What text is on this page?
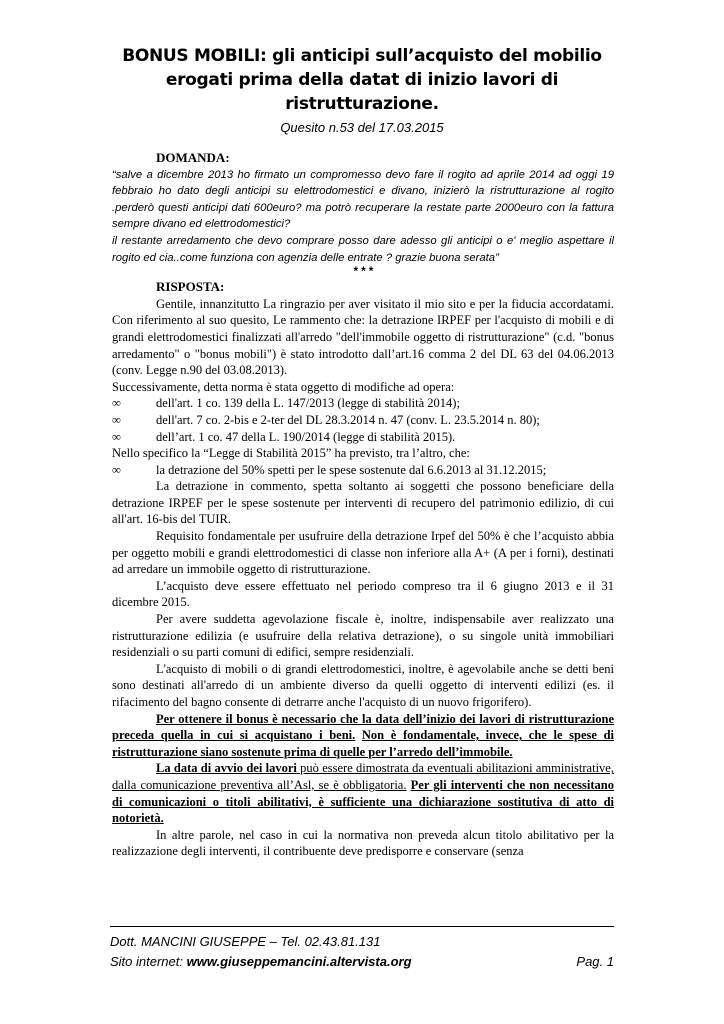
BONUS MOBILI: gli anticipi sull’acquisto del mobilio erogati prima della datat di inizio lavori di ristrutturazione.
Quesito n.53 del 17.03.2015

DOMANDA:

“salve a dicembre 2013 ho firmato un compromesso devo fare il rogito ad aprile 2014 ad oggi 19 febbraio ho dato degli anticipi su elettrodomestici e divano, inizierò la ristrutturazione al rogito .perderò questi anticipi dati 600euro? ma potrò recuperare la restate parte 2000euro con la fattura sempre divano ed elettrodomestici?

il restante arredamento che devo comprare posso dare adesso gli anticipi o e' meglio aspettare il rogito ed cia..come funziona con agenzia delle entrate ? grazie buona serata”

* * *

RISPOSTA:

Gentile, innanzitutto La ringrazio per aver visitato il mio sito e per la fiducia accordatami. Con riferimento al suo quesito, Le rammento che: la detrazione IRPEF per l'acquisto di mobili e di grandi elettrodomestici finalizzati all'arredo "dell'immobile oggetto di ristrutturazione" (c.d. "bonus arredamento" o "bonus mobili") è stato introdotto dall’art.16 comma 2 del DL 63 del 04.06.2013 (conv. Legge n.90 del 03.08.2013).

Successivamente, detta norma è stata oggetto di modifiche ad opera:

∞	dell'art. 1 co. 139 della L. 147/2013 (legge di stabilità 2014);
∞	dell'art. 7 co. 2-bis e 2-ter del DL 28.3.2014 n. 47 (conv. L. 23.5.2014 n. 80);
∞	dell’art. 1 co. 47 della L. 190/2014 (legge di stabilità 2015).

Nello specifico la “Legge di Stabilità 2015” ha previsto, tra l’altro, che:

∞	la detrazione del 50% spetti per le spese sostenute dal 6.6.2013 al 31.12.2015;

La detrazione in commento, spetta soltanto ai soggetti che possono beneficiare della detrazione IRPEF per le spese sostenute per interventi di recupero del patrimonio edilizio, di cui all'art. 16-bis del TUIR.

Requisito fondamentale per usufruire della detrazione Irpef del 50% è che l’acquisto abbia per oggetto mobili e grandi elettrodomestici di classe non inferiore alla A+ (A per i forni), destinati ad arredare un immobile oggetto di ristrutturazione.

L’acquisto deve essere effettuato nel periodo compreso tra il 6 giugno 2013 e il 31 dicembre 2015.

Per avere suddetta agevolazione fiscale è, inoltre, indispensabile aver realizzato una ristrutturazione edilizia (e usufruire della relativa detrazione), o su singole unità immobiliari residenziali o su parti comuni di edifici, sempre residenziali.

L'acquisto di mobili o di grandi elettrodomestici, inoltre, è agevolabile anche se detti beni sono destinati all'arredo di un ambiente diverso da quelli oggetto di interventi edilizi (es. il rifacimento del bagno consente di detrarre anche l'acquisto di un nuovo frigorifero).

Per ottenere il bonus è necessario che la data dell’inizio dei lavori di ristrutturazione preceda quella in cui si acquistano i beni. Non è fondamentale, invece, che le spese di ristrutturazione siano sostenute prima di quelle per l’arredo dell’immobile.

La data di avvio dei lavori può essere dimostrata da eventuali abilitazioni amministrative, dalla comunicazione preventiva all’Asl, se è obbligatoria. Per gli interventi che non necessitano di comunicazioni o titoli abilitativi, è sufficiente una dichiarazione sostitutiva di atto di notorietà.

In altre parole, nel caso in cui la normativa non preveda alcun titolo abilitativo per la realizzazione degli interventi, il contribuente deve predisporre e conservare (senza

Dott. MANCINI GIUSEPPE – Tel. 02.43.81.131
Sito internet: www.giuseppemancini.altervista.org	Pag. 1
